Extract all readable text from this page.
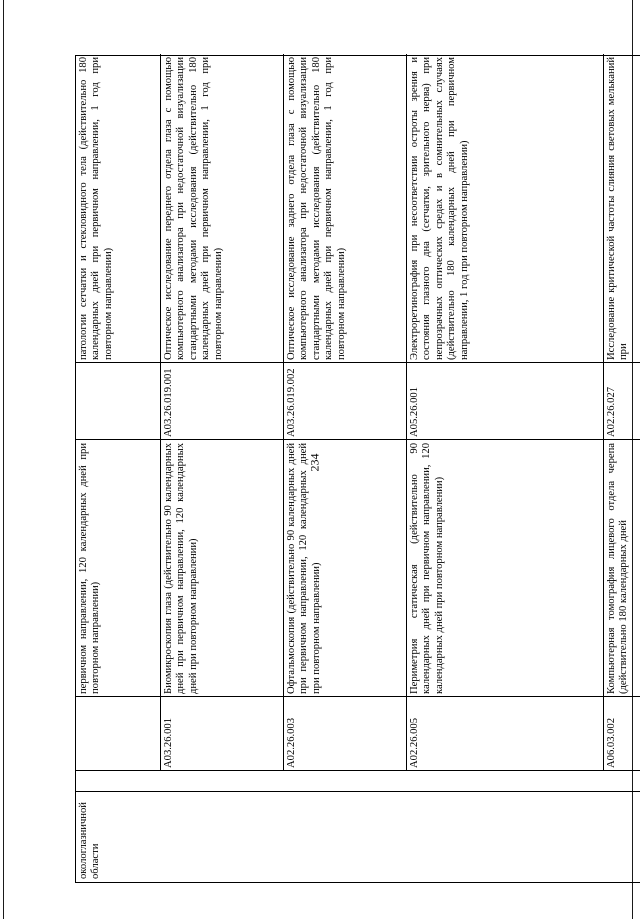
234
окологлазничной области
первичном направлении, 120 календарных дней при повторном направлении)
патологии сетчатки и стекловидного тела (действительно 180 календарных дней при первичном направлении, 1 год при повторном направлении)
A03.26.001
Биомикроскопия глаза (действительно 90 календарных дней при первичном направлении, 120 календарных дней при повторном направлении)
A03.26.019.001
Оптическое исследование переднего отдела глаза с помощью компьютерного анализатора при недостаточной визуализации стандартными методами исследования (действительно 180 календарных дней при первичном направлении, 1 год при повторном направлении)
A02.26.003
Офтальмоскопия (действительно 90 календарных дней при первичном направлении, 120 календарных дней при повторном направлении)
A03.26.019.002
Оптическое исследование заднего отдела глаза с помощью компьютерного анализатора при недостаточной визуализации стандартными методами исследования (действительно 180 календарных дней при первичном направлении, 1 год при повторном направлении)
A02.26.005
Периметрия статическая (действительно 90 календарных дней при первичном направлении, 120 календарных дней при повторном направлении)
A05.26.001
Электроретинография при несоответствии остроты зрения и состояния глазного дна (сетчатки, зрительного нерва) при непрозрачных оптических средах и в сомнительных случаях (действительно 180 календарных дней при первичном направлении, 1 год при повторном направлении)
A06.03.002
Компьютерная томография лицевого отдела черепа (действительно 180 календарных дней
A02.26.027
Исследование критической частоты слияния световых мельканий при
